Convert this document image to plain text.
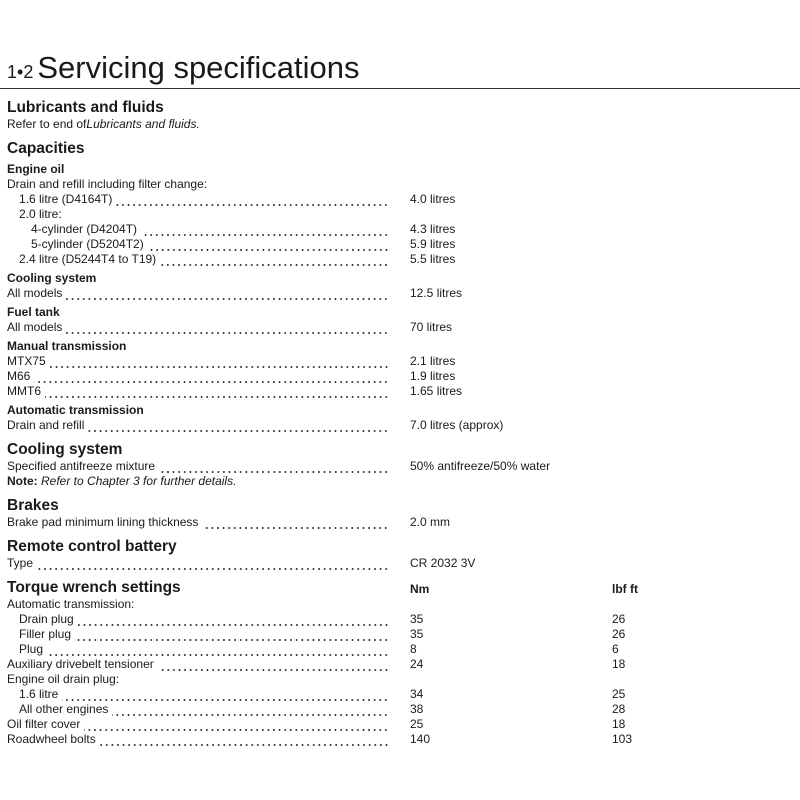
1•2 Servicing specifications
Lubricants and fluids
Refer to end of Lubricants and fluids.
Capacities
Engine oil
Drain and refill including filter change:
1.6 litre (D4164T)	4.0 litres
2.0 litre:
4-cylinder (D4204T)	4.3 litres
5-cylinder (D5204T2)	5.9 litres
2.4 litre (D5244T4 to T19)	5.5 litres
Cooling system
All models	12.5 litres
Fuel tank
All models	70 litres
Manual transmission
MTX75	2.1 litres
M66	1.9 litres
MMT6	1.65 litres
Automatic transmission
Drain and refill	7.0 litres (approx)
Cooling system
Specified antifreeze mixture	50% antifreeze/50% water
Note: Refer to Chapter 3 for further details.
Brakes
Brake pad minimum lining thickness	2.0 mm
Remote control battery
Type	CR 2032 3V
Torque wrench settings	Nm	lbf ft
Automatic transmission:
Drain plug	35	26
Filler plug	35	26
Plug	8	6
Auxiliary drivebelt tensioner	24	18
Engine oil drain plug:
1.6 litre	34	25
All other engines	38	28
Oil filter cover	25	18
Roadwheel bolts	140	103
